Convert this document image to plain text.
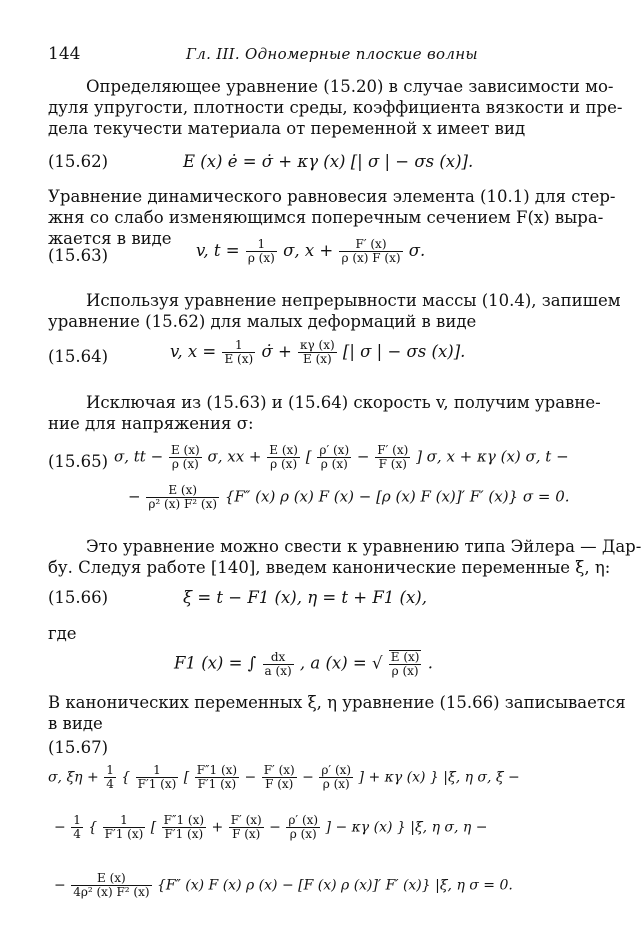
144	Гл. III. Одномерные плоские волны
Определяющее уравнение (15.20) в случае зависимости мо-
дуля упругости, плотности среды, коэффициента вязкости и пре-
дела текучести материала от переменной x имеет вид
(15.62)	E (x) ė = σ̇ + κγ (x) [| σ | − σs (x)].
Уравнение динамического равновесия элемента (10.1) для стер-
жня со слабо изменяющимся поперечным сечением F(x) выра-
жается в виде
(15.63)	v, $t = \frac{1}{\rho (x)} \sigma$, $x + \frac{F' (x)}{\rho (x) F (x)} \sigma$.
Используя уравнение непрерывности массы (10.4), запишем
уравнение (15.62) для малых деформаций в виде
(15.64)	v, $x = \frac{1}{E (x)}$ σ̇ + $\frac{\kappa\gamma (x)}{E (x)}$ [| σ | − σs (x)].
Исключая из (15.63) и (15.64) скорость v, получим уравне-
ние для напряжения σ:
(15.65) σ, tt − $\frac{E (x)}{\rho (x)} \sigma$, xx + $\frac{E (x)}{\rho (x)}$ [ $\frac{\rho' (x)}{\rho (x)} - \frac{F' (x)}{F (x)}$ ] σ, x + κγ (x) σ, t −
− $\frac{E (x)}{\text{ρ² (x) F² (x)}} \{F''$ (x) ρ (x) F (x) − [ρ (x) F (x)]′ F′ (x)} σ = 0.
Это уравнение можно свести к уравнению типа Эйлера — Дар-
бу. Следуя работе [140], введем канонические переменные ξ, η:
(15.66)	ξ = t − F1 (x), η = t + F1 (x),
где
F1 (x) = ∫ $\frac{dx}{a (x)}$ , a (x) = √ $\frac{E (x)}{\rho (x)}$ .
В канонических переменных ξ, η уравнение (15.66) записывается
в виде
(15.67)
σ, $\xi\eta + \frac{1}{4}$ { $\frac{1}{F'1 (x)}$ [ $\frac{F''1 (x)}{F'1 (x)} - \frac{F' (x)}{F (x)} - \frac{\rho' (x)}{\rho (x)}$ ] + κγ (x) } |ξ, η σ, ξ −
− $\frac{1}{4}$ { $\frac{1}{F'1 (x)}$ [ $\frac{F''1 (x)}{F'1 (x)} + \frac{F' (x)}{F (x)} - \frac{\rho' (x)}{\rho (x)}$ ] − κγ (x) } |ξ, η σ, η −
− $\frac{E (x)}{\text{4ρ² (x) F² (x)}} \{F''$ (x) F (x) ρ (x) − [F (x) ρ (x)]′ F′ (x)} |ξ, η σ = 0.
